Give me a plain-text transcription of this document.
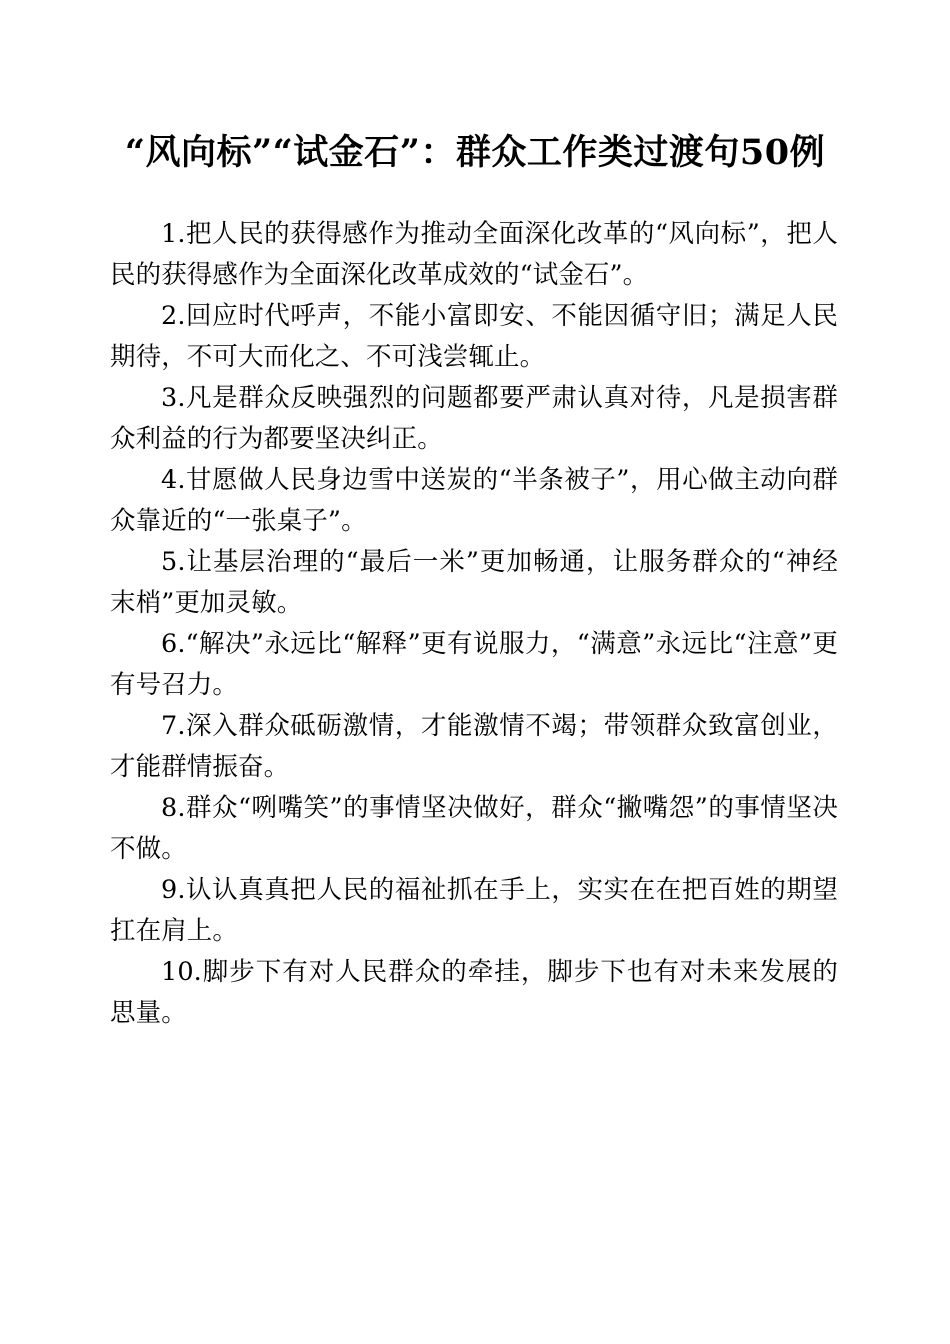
“风向标”“试金石”：群众工作类过渡句50例

1.把人民的获得感作为推动全面深化改革的“风向标”，把人民的获得感作为全面深化改革成效的“试金石”。

2.回应时代呼声，不能小富即安、不能因循守旧；满足人民期待，不可大而化之、不可浅尝辄止。

3.凡是群众反映强烈的问题都要严肃认真对待，凡是损害群众利益的行为都要坚决纠正。

4.甘愿做人民身边雪中送炭的“半条被子”，用心做主动向群众靠近的“一张桌子”。

5.让基层治理的“最后一米”更加畅通，让服务群众的“神经末梢”更加灵敏。

6.“解决”永远比“解释”更有说服力，“满意”永远比“注意”更有号召力。

7.深入群众砥砺激情，才能激情不竭；带领群众致富创业，才能群情振奋。

8.群众“咧嘴笑”的事情坚决做好，群众“撇嘴怨”的事情坚决不做。

9.认认真真把人民的福祉抓在手上，实实在在把百姓的期望扛在肩上。

10.脚步下有对人民群众的牵挂，脚步下也有对未来发展的思量。
